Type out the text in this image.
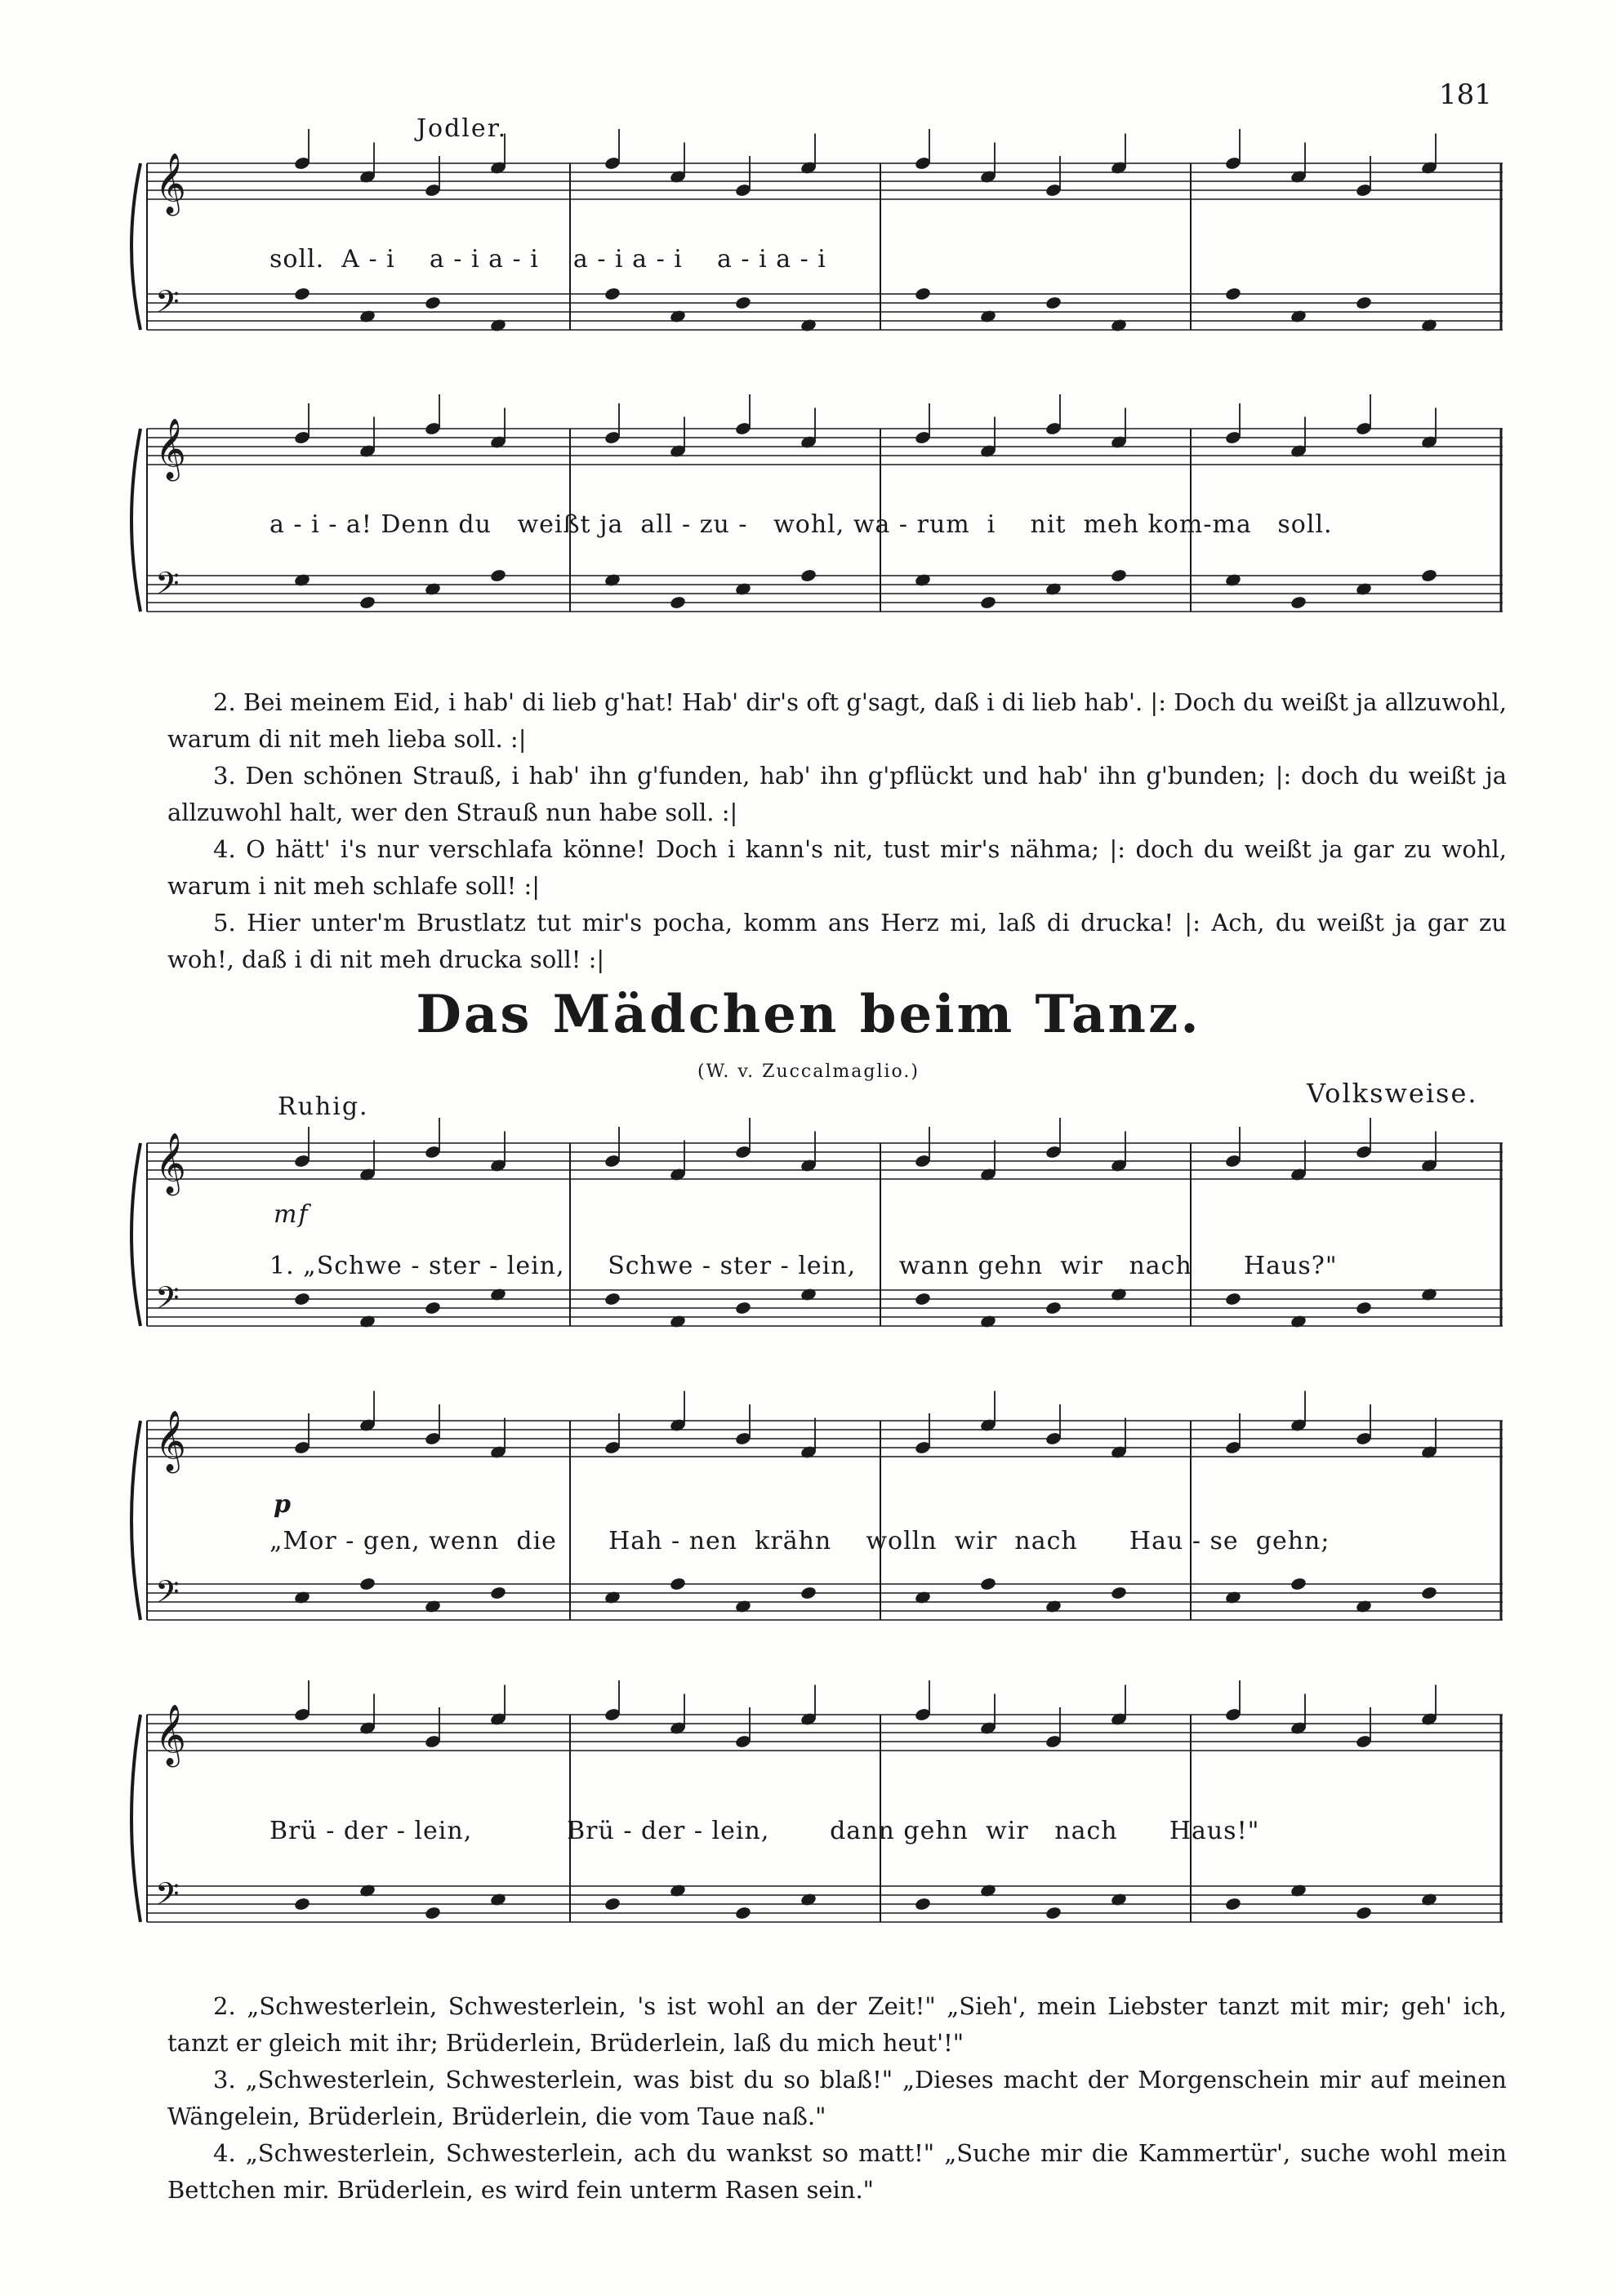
181
Jodler.
𝄞
𝄢
soll.  A - i    a - i a - i    a - i a - i    a - i a - i
𝄞
𝄢
a - i - a! Denn du   weißt ja  all - zu -   wohl, wa - rum  i    nit  meh kom-ma   soll.

2. Bei meinem Eid, i hab' di lieb g'hat! Hab' dir's oft g'sagt, daß i di lieb hab'. |: Doch du weißt ja allzuwohl, warum di nit meh lieba soll. :|

3. Den schönen Strauß, i hab' ihn g'funden, hab' ihn g'pflückt und hab' ihn g'bunden; |: doch du weißt ja allzuwohl halt, wer den Strauß nun habe soll. :|

4. O hätt' i's nur verschlafa könne! Doch i kann's nit, tust mir's nähma; |: doch du weißt ja gar zu wohl, warum i nit meh schlafe soll! :|

5. Hier unter'm Brustlatz tut mir's pocha, komm ans Herz mi, laß di drucka! |: Ach, du weißt ja gar zu woh!, daß i di nit meh drucka soll! :|

Das Mädchen beim Tanz.
(W. v. Zuccalmaglio.)
Volksweise.
Ruhig.
𝄞
𝄢
mf
1. „Schwe - ster - lein,     Schwe - ster - lein,     wann gehn  wir   nach      Haus?"
𝄞
𝄢
p
„Mor - gen, wenn  die      Hah - nen  krähn    wolln  wir  nach      Hau - se  gehn;
𝄞
𝄢
Brü - der - lein,           Brü - der - lein,       dann gehn  wir   nach      Haus!"

2. „Schwesterlein, Schwesterlein, 's ist wohl an der Zeit!" „Sieh', mein Liebster tanzt mit mir; geh' ich, tanzt er gleich mit ihr; Brüderlein, Brüderlein, laß du mich heut'!"

3. „Schwesterlein, Schwesterlein, was bist du so blaß!" „Dieses macht der Morgenschein mir auf meinen Wängelein, Brüderlein, Brüderlein, die vom Taue naß."

4. „Schwesterlein, Schwesterlein, ach du wankst so matt!" „Suche mir die Kammertür', suche wohl mein Bettchen mir. Brüderlein, es wird fein unterm Rasen sein."
